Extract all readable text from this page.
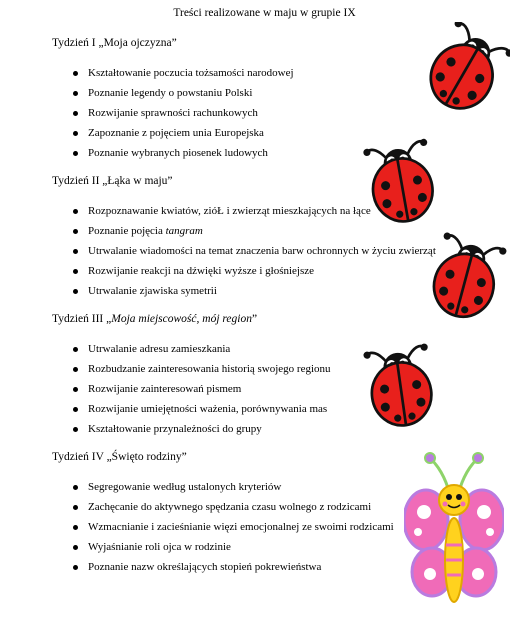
Treści realizowane w maju w grupie IX
Tydzień I „Moja ojczyzna”
Kształtowanie poczucia tożsamości narodowej
Poznanie legendy o powstaniu Polski
Rozwijanie sprawności rachunkowych
Zapoznanie z pojęciem unia Europejska
Poznanie wybranych piosenek ludowych
Tydzień II „Łąka w maju”
Rozpoznawanie kwiatów, zióŁ i zwierząt mieszkających na łące
Poznanie pojęcia tangram
Utrwalanie wiadomości na temat znaczenia barw ochronnych w życiu zwierząt
Rozwijanie reakcji na dźwięki wyższe i głośniejsze
Utrwalanie zjawiska symetrii
Tydzień III „Moja miejscowość, mój region”
Utrwalanie adresu zamieszkania
Rozbudzanie zainteresowania historią swojego regionu
Rozwijanie zainteresowań pismem
Rozwijanie umiejętności ważenia, porównywania mas
Kształtowanie przynależności do grupy
Tydzień IV „Święto rodziny”
Segregowanie według ustalonych kryteriów
Zachęcanie do aktywnego spędzania czasu wolnego z rodzicami
Wzmacnianie i zacieśnianie więzi emocjonalnej ze swoimi rodzicami
Wyjaśnianie roli ojca w rodzinie
Poznanie nazw określających stopień pokrewieństwa
